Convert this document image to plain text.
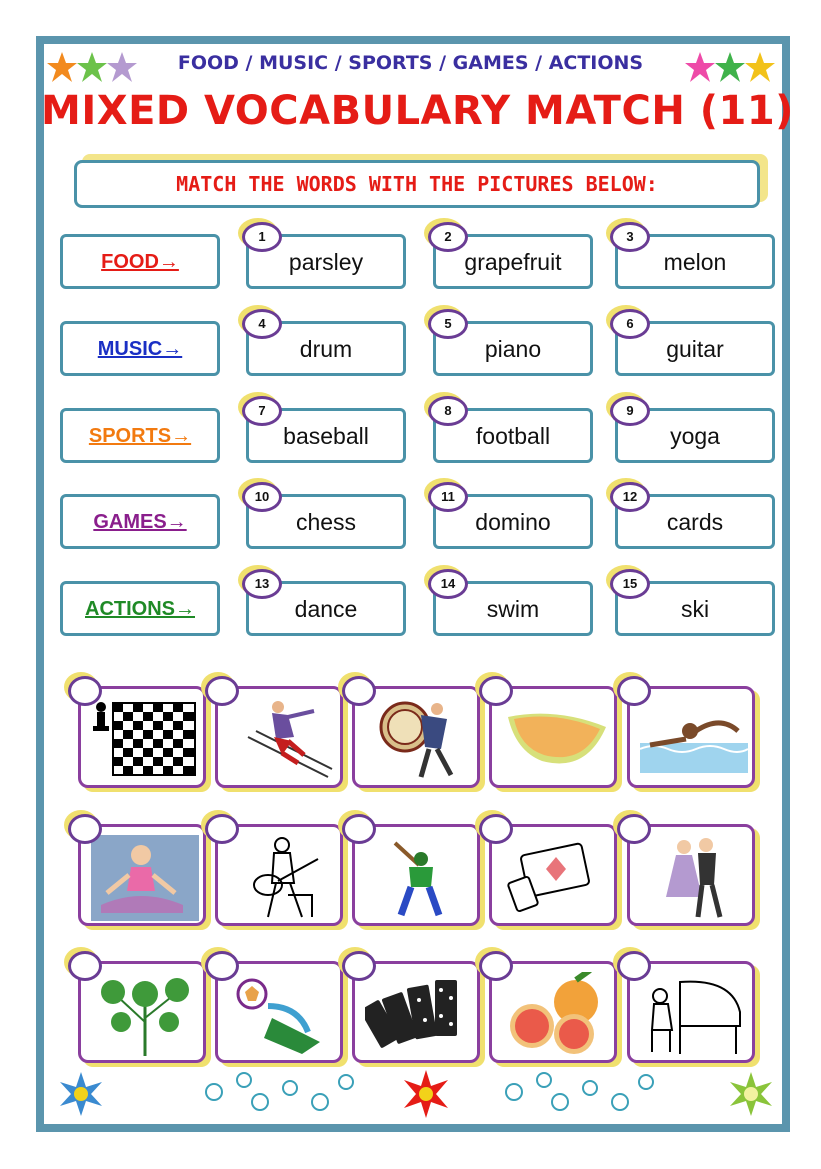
FOOD / MUSIC / SPORTS / GAMES / ACTIONS
MIXED VOCABULARY MATCH (11)
MATCH THE WORDS WITH THE PICTURES BELOW:
FOOD→
MUSIC→
SPORTS→
GAMES→
ACTIONS→
parsley	grapefruit	melon
drum	piano	guitar
baseball	football	yoga
chess	domino	cards
dance	swim	ski
1	2	3
4	5	6
7	8	9
10	11	12
13	14	15
